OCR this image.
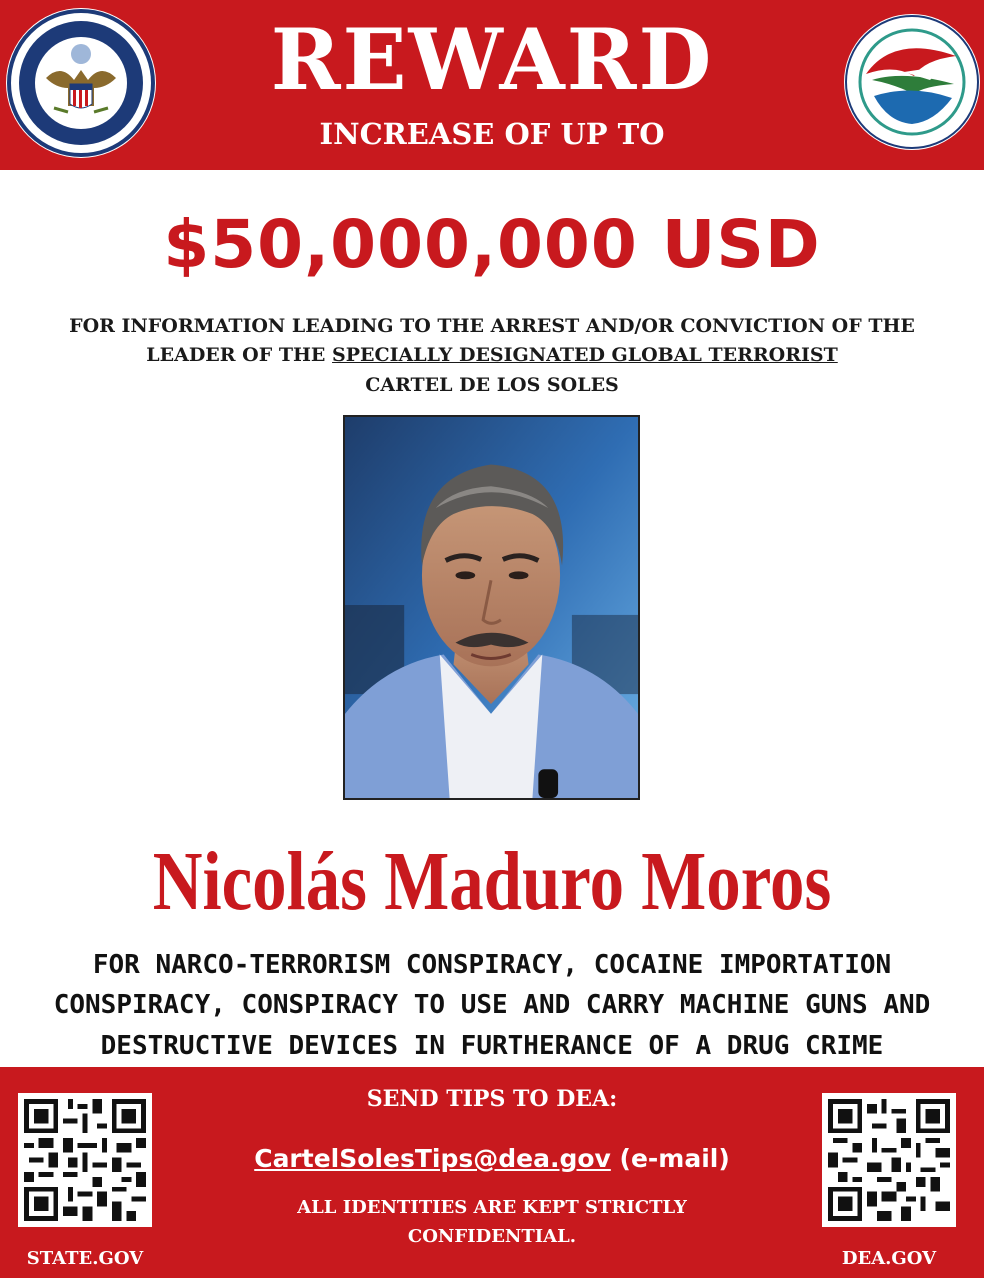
REWARD
INCREASE OF UP TO
$50,000,000 USD
FOR INFORMATION LEADING TO THE ARREST AND/OR CONVICTION OF THE
LEADER OF THE SPECIALLY DESIGNATED GLOBAL TERRORIST
CARTEL DE LOS SOLES
Nicolás Maduro Moros
FOR NARCO-TERRORISM CONSPIRACY, COCAINE IMPORTATION
CONSPIRACY, CONSPIRACY TO USE AND CARRY MACHINE GUNS AND
DESTRUCTIVE DEVICES IN FURTHERANCE OF A DRUG CRIME
STATE.GOV
SEND TIPS TO DEA:
CartelSolesTips@dea.gov (e-mail)
ALL IDENTITIES ARE KEPT STRICTLY
CONFIDENTIAL.
DEA.GOV
